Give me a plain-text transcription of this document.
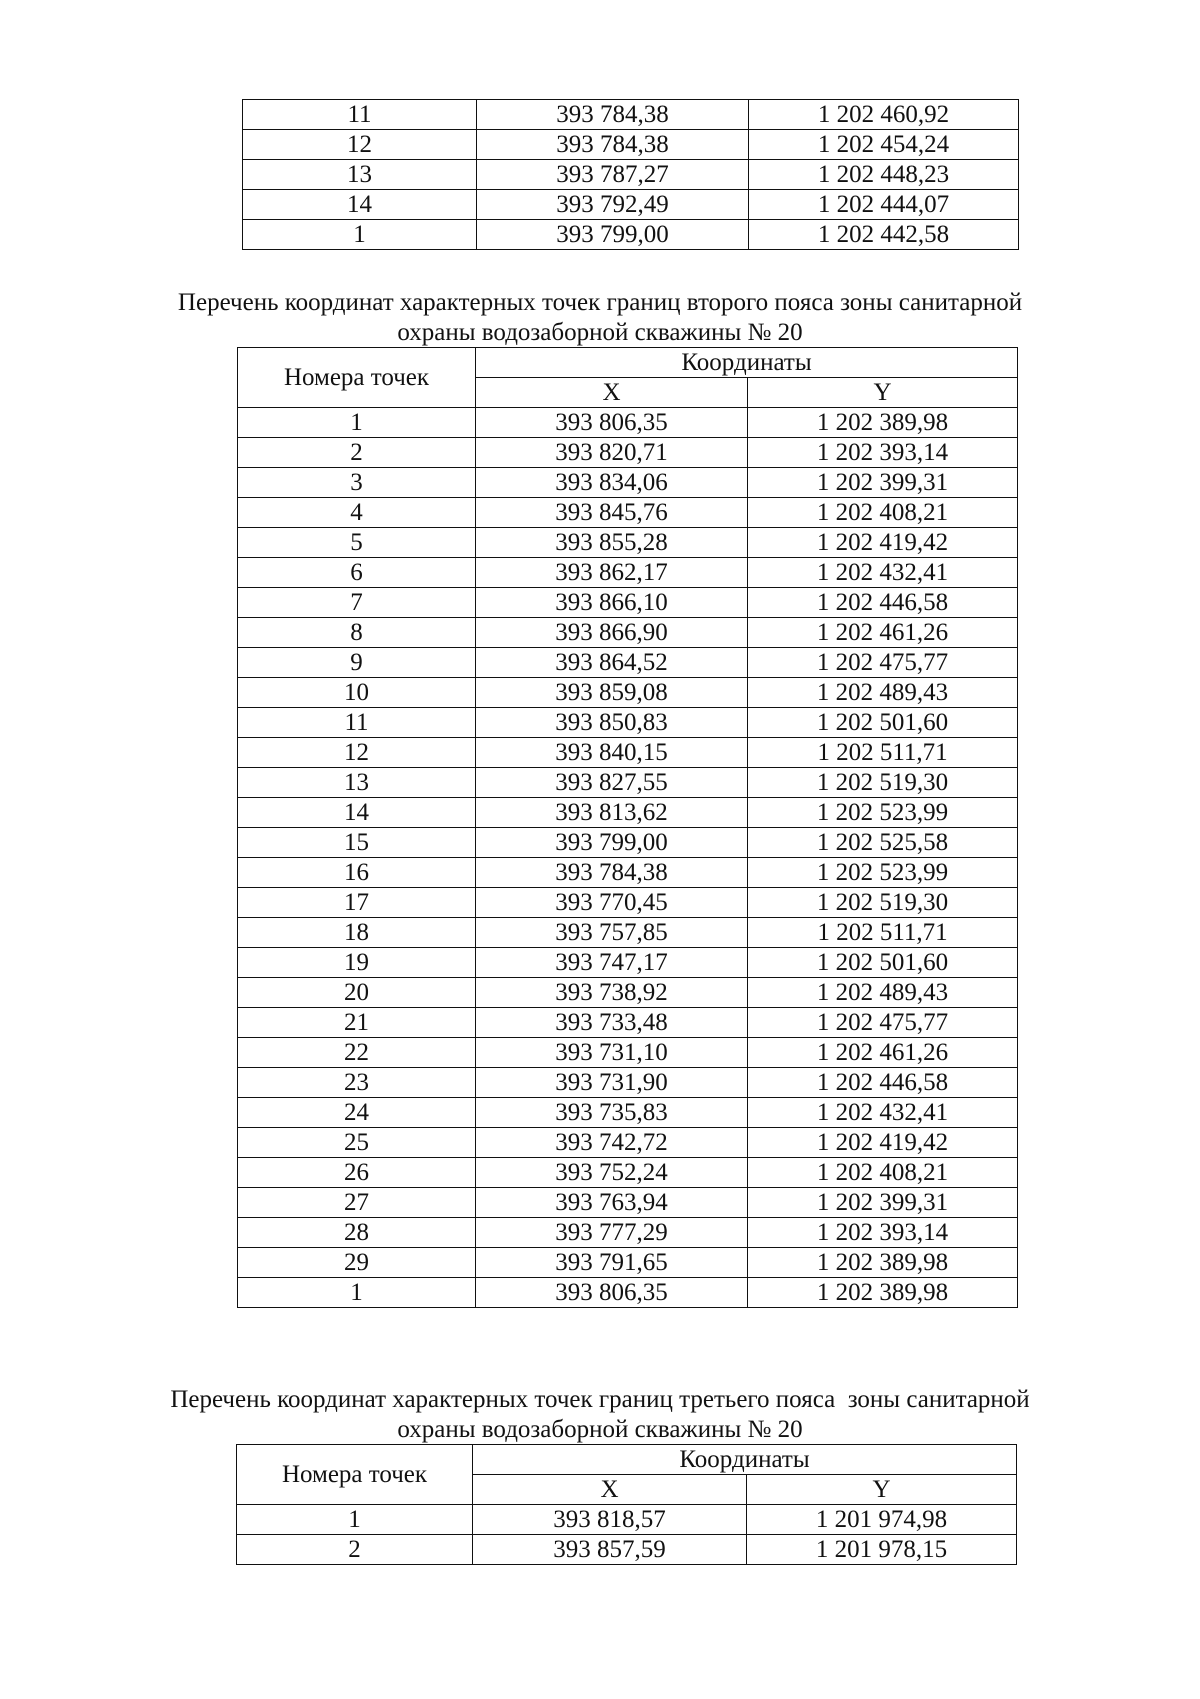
11	393 784,38	1 202 460,92
12	393 784,38	1 202 454,24
13	393 787,27	1 202 448,23
14	393 792,49	1 202 444,07
1	393 799,00	1 202 442,58
Перечень координат характерных точек границ второго пояса зоны санитарной
охраны водозаборной скважины № 20
Номера точек	Координаты	
	X	Y
1	393 806,35	1 202 389,98
2	393 820,71	1 202 393,14
3	393 834,06	1 202 399,31
4	393 845,76	1 202 408,21
5	393 855,28	1 202 419,42
6	393 862,17	1 202 432,41
7	393 866,10	1 202 446,58
8	393 866,90	1 202 461,26
9	393 864,52	1 202 475,77
10	393 859,08	1 202 489,43
11	393 850,83	1 202 501,60
12	393 840,15	1 202 511,71
13	393 827,55	1 202 519,30
14	393 813,62	1 202 523,99
15	393 799,00	1 202 525,58
16	393 784,38	1 202 523,99
17	393 770,45	1 202 519,30
18	393 757,85	1 202 511,71
19	393 747,17	1 202 501,60
20	393 738,92	1 202 489,43
21	393 733,48	1 202 475,77
22	393 731,10	1 202 461,26
23	393 731,90	1 202 446,58
24	393 735,83	1 202 432,41
25	393 742,72	1 202 419,42
26	393 752,24	1 202 408,21
27	393 763,94	1 202 399,31
28	393 777,29	1 202 393,14
29	393 791,65	1 202 389,98
1	393 806,35	1 202 389,98
Перечень координат характерных точек границ третьего пояса  зоны санитарной
охраны водозаборной скважины № 20
Номера точек	Координаты	
	X	Y
1	393 818,57	1 201 974,98
2	393 857,59	1 201 978,15
